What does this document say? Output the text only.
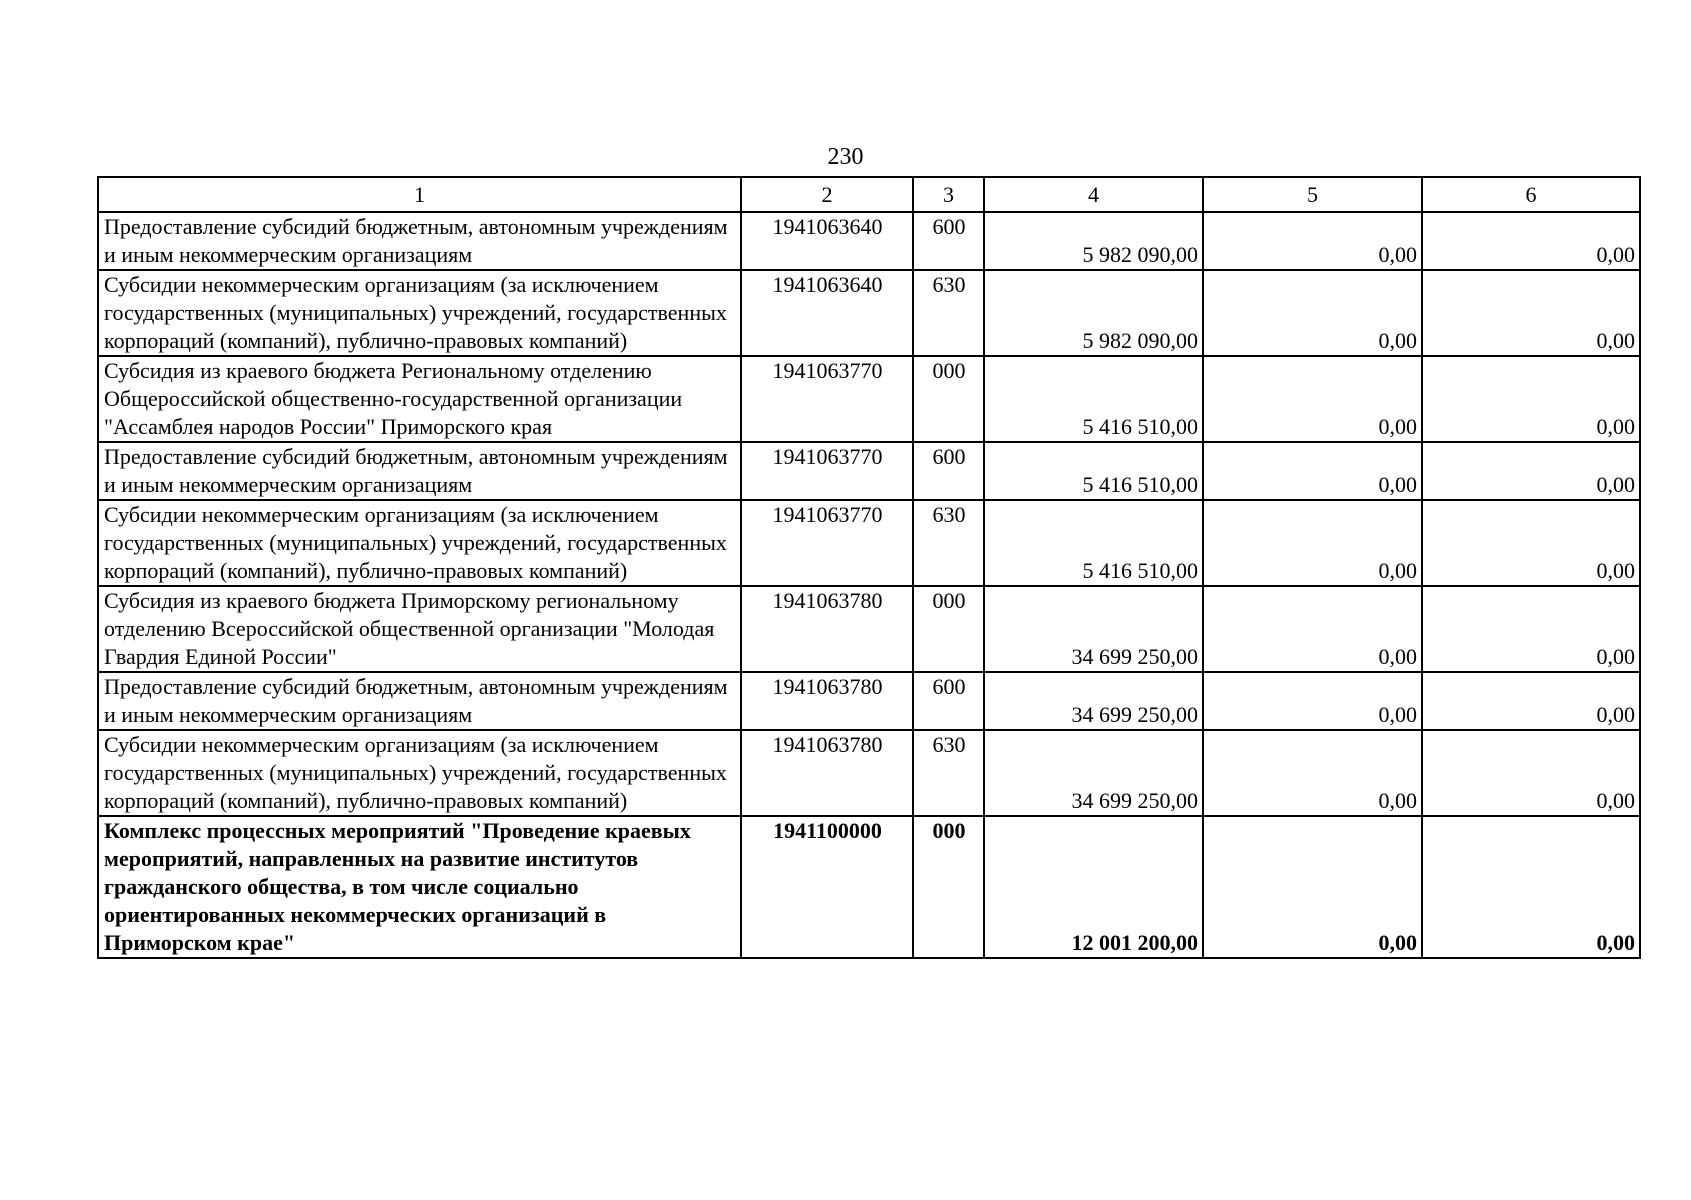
230
1	2	3	4	5	6
Предоставление субсидий бюджетным, автономным учреждениям и иным некоммерческим организациям	1941063640	600	5 982 090,00	0,00	0,00
Субсидии некоммерческим организациям (за исключением государственных (муниципальных) учреждений, государственных корпораций (компаний), публично-правовых компаний)	1941063640	630	5 982 090,00	0,00	0,00
Субсидия из краевого бюджета Региональному отделению Общероссийской общественно-государственной организации "Ассамблея народов России" Приморского края	1941063770	000	5 416 510,00	0,00	0,00
Предоставление субсидий бюджетным, автономным учреждениям и иным некоммерческим организациям	1941063770	600	5 416 510,00	0,00	0,00
Субсидии некоммерческим организациям (за исключением государственных (муниципальных) учреждений, государственных корпораций (компаний), публично-правовых компаний)	1941063770	630	5 416 510,00	0,00	0,00
Субсидия из краевого бюджета Приморскому региональному отделению Всероссийской общественной организации "Молодая Гвардия Единой России"	1941063780	000	34 699 250,00	0,00	0,00
Предоставление субсидий бюджетным, автономным учреждениям и иным некоммерческим организациям	1941063780	600	34 699 250,00	0,00	0,00
Субсидии некоммерческим организациям (за исключением государственных (муниципальных) учреждений, государственных корпораций (компаний), публично-правовых компаний)	1941063780	630	34 699 250,00	0,00	0,00
Комплекс процессных мероприятий "Проведение краевых мероприятий, направленных на развитие институтов гражданского общества, в том числе социально ориентированных некоммерческих организаций в Приморском крае"	1941100000	000	12 001 200,00	0,00	0,00
